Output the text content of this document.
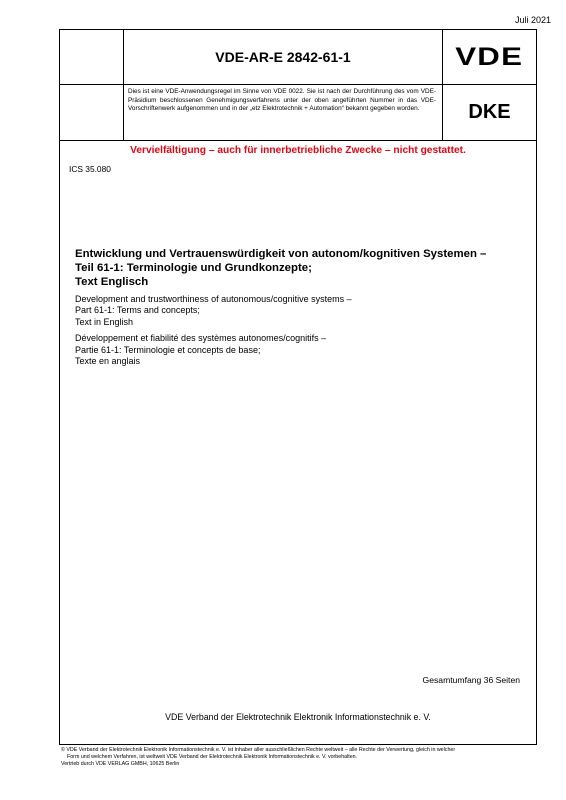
Juli 2021
VDE-AR-E 2842-61-1	VDE
Dies ist eine VDE-Anwendungsregel im Sinne von VDE 0022. Sie ist nach der Durchführung des vom VDE-Präsidium beschlossenen Genehmigungsverfahrens unter der oben angeführten Nummer in das VDE-Vorschriftenwerk aufgenommen und in der „etz Elektrotechnik + Automation“ bekannt gegeben worden.	DKE
Vervielfältigung – auch für innerbetriebliche Zwecke – nicht gestattet.
ICS 35.080
Entwicklung und Vertrauenswürdigkeit von autonom/kognitiven Systemen –
Teil 61-1: Terminologie und Grundkonzepte;
Text Englisch
Development and trustworthiness of autonomous/cognitive systems –
Part 61-1: Terms and concepts;
Text in English
Développement et fiabilité des systèmes autonomes/cognitifs –
Partie 61-1: Terminologie et concepts de base;
Texte en anglais
Gesamtumfang 36 Seiten
VDE Verband der Elektrotechnik Elektronik Informationstechnik e. V.

© VDE Verband der Elektrotechnik Elektronik Informationstechnik e. V. ist Inhaber aller ausschließlichen Rechte weltweit – alle Rechte der Verwertung, gleich in welcher

Form und welchem Verfahren, ist weltweit VDE Verband der Elektrotechnik Elektronik Informationstechnik e. V. vorbehalten.

Vertrieb durch VDE VERLAG GMBH, 10625 Berlin
